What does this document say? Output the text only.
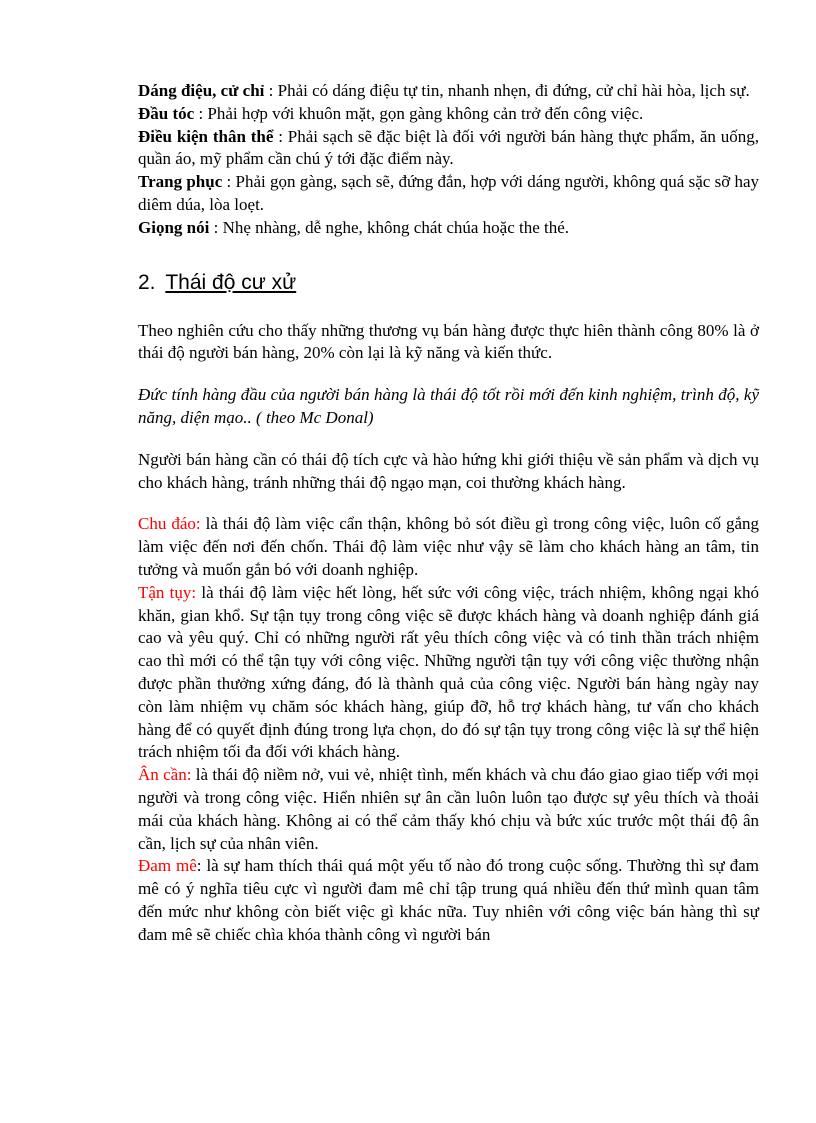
Dáng điệu, cử chỉ : Phải có dáng điệu tự tin, nhanh nhẹn, đi đứng, cử chỉ hài hòa, lịch sự.

Đầu tóc : Phải hợp với khuôn mặt, gọn gàng không cản trở đến công việc.

Điều kiện thân thể : Phải sạch sẽ đặc biệt là đối với người bán hàng thực phẩm, ăn uống, quần áo, mỹ phẩm cần chú ý tới đặc điểm này.

Trang phục : Phải gọn gàng, sạch sẽ, đứng đắn, hợp với dáng người, không quá sặc sỡ hay diêm dúa, lòa loẹt.

Giọng nói : Nhẹ nhàng, dễ nghe, không chát chúa hoặc the thé.

2. Thái độ cư xử

Theo nghiên cứu cho thấy những thương vụ bán hàng được thực hiên thành công 80% là ở thái độ người bán hàng, 20% còn lại là kỹ năng và kiến thức.

Đức tính hàng đầu của người bán hàng là thái độ tốt rồi mới đến kinh nghiệm, trình độ, kỹ năng, diện mạo.. ( theo Mc Donal)

Người bán hàng cần có thái độ tích cực và hào hứng khi giới thiệu về sản phẩm và dịch vụ cho khách hàng, tránh những thái độ ngạo mạn, coi thường khách hàng.

Chu đáo: là thái độ làm việc cẩn thận, không bỏ sót điều gì trong công việc, luôn cố gắng làm việc đến nơi đến chốn. Thái độ làm việc như vậy sẽ làm cho khách hàng an tâm, tin tưởng và muốn gắn bó với doanh nghiệp.

Tận tụy: là thái độ làm việc hết lòng, hết sức với công việc, trách nhiệm, không ngại khó khăn, gian khổ. Sự tận tụy trong công việc sẽ được khách hàng và doanh nghiệp đánh giá cao và yêu quý. Chỉ có những người rất yêu thích công việc và có tinh thần trách nhiệm cao thì mới có thể tận tụy với công việc. Những người tận tụy với công việc thường nhận được phần thưởng xứng đáng, đó là thành quả của công việc. Người bán hàng ngày nay còn làm nhiệm vụ chăm sóc khách hàng, giúp đỡ, hỗ trợ khách hàng, tư vấn cho khách hàng để có quyết định đúng trong lựa chọn, do đó sự tận tụy trong công việc là sự thể hiện trách nhiệm tối đa đối với khách hàng.

Ân cần: là thái độ niềm nở, vui vẻ, nhiệt tình, mến khách và chu đáo giao giao tiếp với mọi người và trong công việc. Hiển nhiên sự ân cần luôn luôn tạo được sự yêu thích và thoải mái của khách hàng. Không ai có thể cảm thấy khó chịu và bức xúc trước một thái độ ân cần, lịch sự của nhân viên.

Đam mê: là sự ham thích thái quá một yếu tố nào đó trong cuộc sống. Thường thì sự đam mê có ý nghĩa tiêu cực vì người đam mê chỉ tập trung quá nhiều đến thứ mình quan tâm đến mức như không còn biết việc gì khác nữa. Tuy nhiên với công việc bán hàng thì sự đam mê sẽ chiếc chìa khóa thành công vì người bán
